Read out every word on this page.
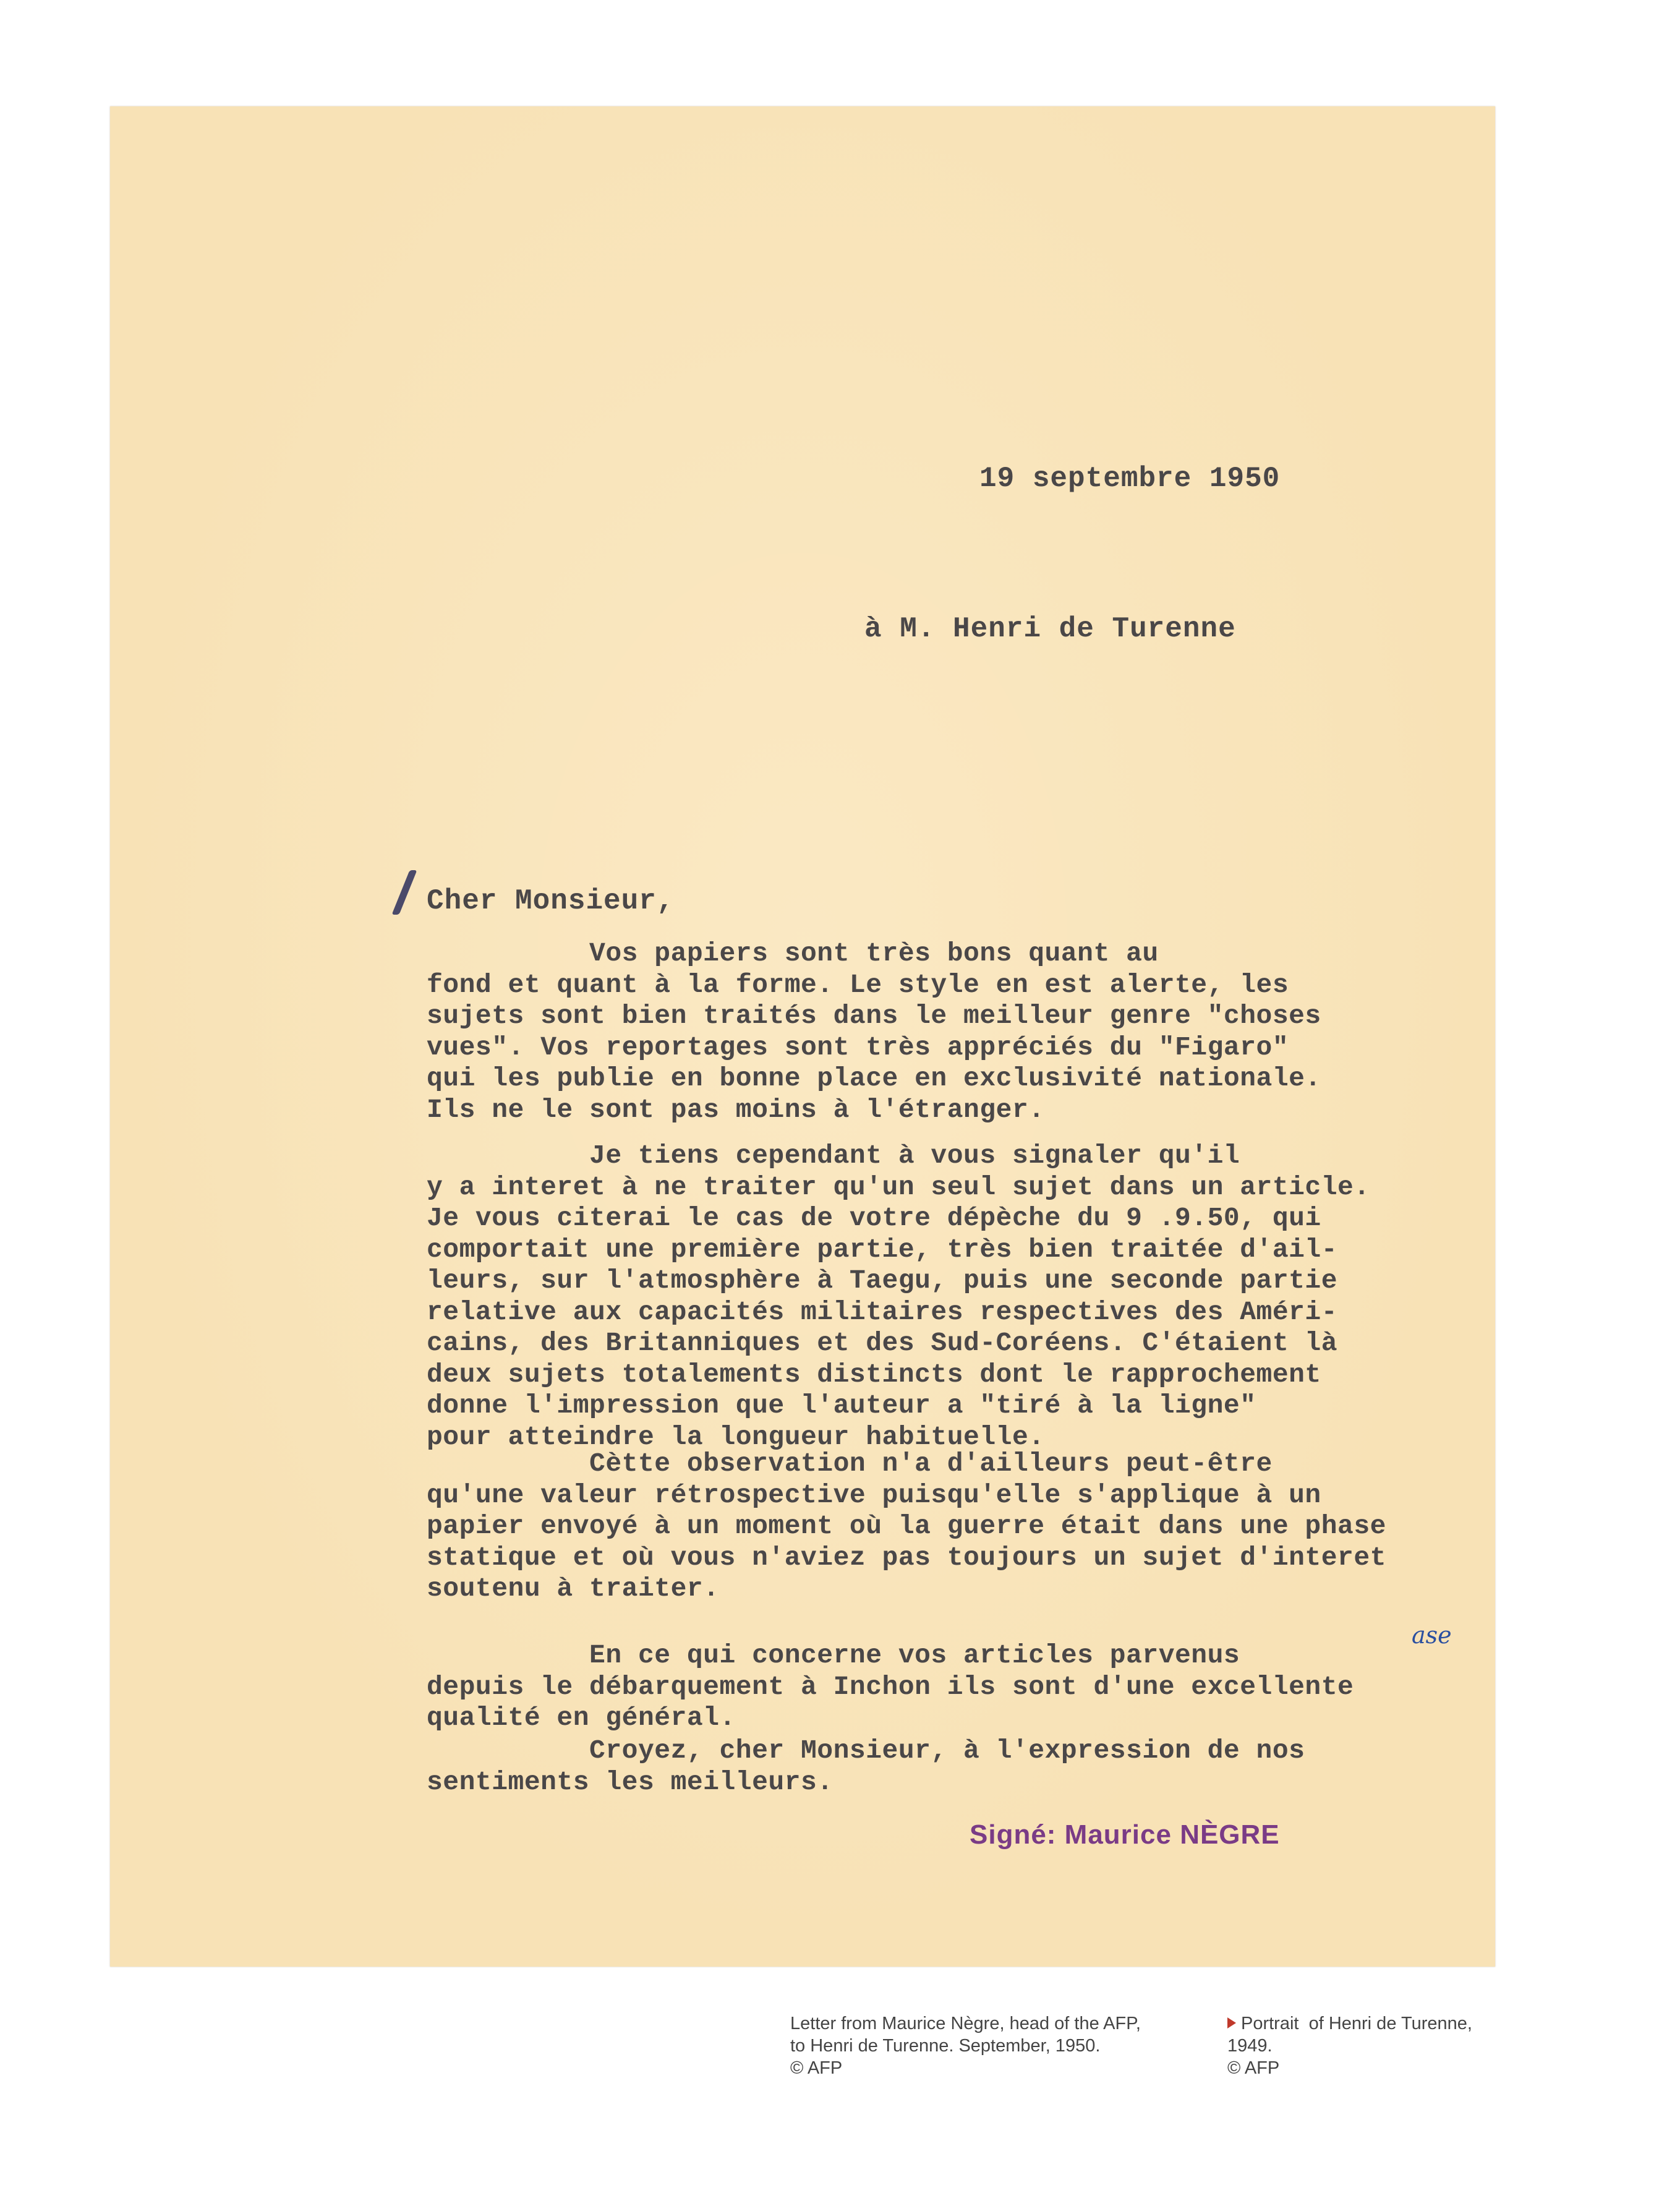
19 septembre 1950
à M. Henri de Turenne
Cher Monsieur,
Vos papiers sont très bons quant au
fond et quant à la forme. Le style en est alerte, les
sujets sont bien traités dans le meilleur genre "choses
vues". Vos reportages sont très appréciés du "Figaro"
qui les publie en bonne place en exclusivité nationale.
Ils ne le sont pas moins à l'étranger.
Je tiens cependant à vous signaler qu'il
y a interet à ne traiter qu'un seul sujet dans un article.
Je vous citerai le cas de votre dépèche du 9 .9.50, qui
comportait une première partie, très bien traitée d'ail-
leurs, sur l'atmosphère à Taegu, puis une seconde partie
relative aux capacités militaires respectives des Améri-
cains, des Britanniques et des Sud-Coréens. C'étaient là
deux sujets totalements distincts dont le rapprochement
donne l'impression que l'auteur a "tiré à la ligne"
pour atteindre la longueur habituelle.
Cètte observation n'a d'ailleurs peut-être
qu'une valeur rétrospective puisqu'elle s'applique à un
papier envoyé à un moment où la guerre était dans une phase
statique et où vous n'aviez pas toujours un sujet d'interet
soutenu à traiter.
ase
En ce qui concerne vos articles parvenus
depuis le débarquement à Inchon ils sont d'une excellente
qualité en général.
Croyez, cher Monsieur, à l'expression de nos
sentiments les meilleurs.
Signé: Maurice NÈGRE
Letter from Maurice Nègre, head of the AFP,
to Henri de Turenne. September, 1950.
© AFP
Portrait  of Henri de Turenne,
1949.
© AFP
